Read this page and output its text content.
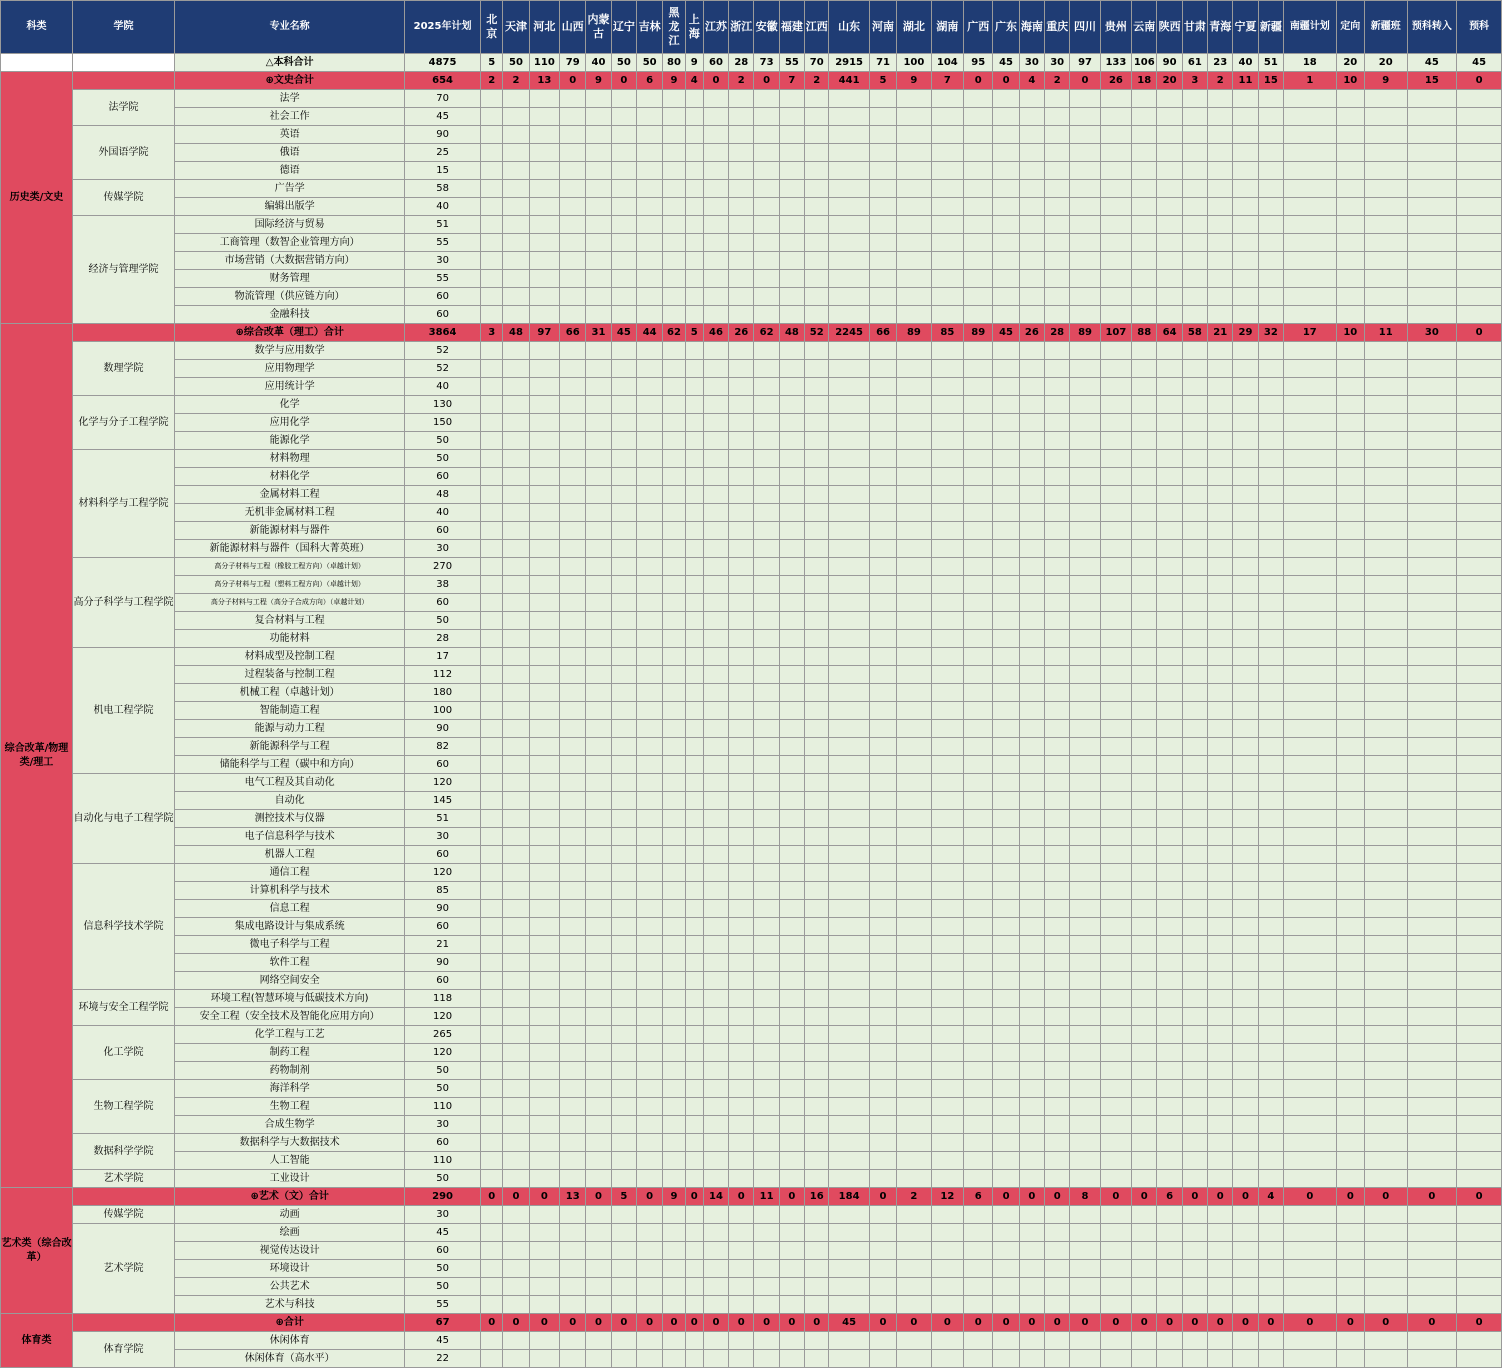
科类	学院	专业名称	2025年计划	北京	天津	河北	山西	内蒙古	辽宁	吉林	黑龙江	上海	江苏	浙江	安徽	福建	江西	山东	河南	湖北	湖南	广西	广东	海南	重庆	四川	贵州	云南	陕西	甘肃	青海	宁夏	新疆	南疆计划	定向	新疆班	预科转入	预科
		△本科合计	4875	5	50	110	79	40	50	50	80	9	60	28	73	55	70	2915	71	100	104	95	45	30	30	97	133	106	90	61	23	40	51	18	20	20	45	45
历史类/文史		⊕文史合计	654	2	2	13	0	9	0	6	9	4	0	2	0	7	2	441	5	9	7	0	0	4	2	0	26	18	20	3	2	11	15	1	10	9	15	0
	法学院	法学	70																																			
		社会工作	45																																			
	外国语学院	英语	90																																			
		俄语	25																																			
		德语	15																																			
	传媒学院	广告学	58																																			
		编辑出版学	40																																			
	经济与管理学院	国际经济与贸易	51																																			
		工商管理（数智企业管理方向）	55																																			
		市场营销（大数据营销方向）	30																																			
		财务管理	55																																			
		物流管理（供应链方向）	60																																			
		金融科技	60																																			
综合改革/物理类/理工		⊕综合改革（理工）合计	3864	3	48	97	66	31	45	44	62	5	46	26	62	48	52	2245	66	89	85	89	45	26	28	89	107	88	64	58	21	29	32	17	10	11	30	0
	数理学院	数学与应用数学	52																																			
		应用物理学	52																																			
		应用统计学	40																																			
	化学与分子工程学院	化学	130																																			
		应用化学	150																																			
		能源化学	50																																			
	材料科学与工程学院	材料物理	50																																			
		材料化学	60																																			
		金属材料工程	48																																			
		无机非金属材料工程	40																																			
		新能源材料与器件	60																																			
		新能源材料与器件（国科大菁英班）	30																																			
	高分子科学与工程学院	高分子材料与工程（橡胶工程方向）（卓越计划）	270																																			
		高分子材料与工程（塑料工程方向）（卓越计划）	38																																			
		高分子材料与工程（高分子合成方向）（卓越计划）	60																																			
		复合材料与工程	50																																			
		功能材料	28																																			
	机电工程学院	材料成型及控制工程	17																																			
		过程装备与控制工程	112																																			
		机械工程（卓越计划）	180																																			
		智能制造工程	100																																			
		能源与动力工程	90																																			
		新能源科学与工程	82																																			
		储能科学与工程（碳中和方向）	60																																			
	自动化与电子工程学院	电气工程及其自动化	120																																			
		自动化	145																																			
		测控技术与仪器	51																																			
		电子信息科学与技术	30																																			
		机器人工程	60																																			
	信息科学技术学院	通信工程	120																																			
		计算机科学与技术	85																																			
		信息工程	90																																			
		集成电路设计与集成系统	60																																			
		微电子科学与工程	21																																			
		软件工程	90																																			
		网络空间安全	60																																			
	环境与安全工程学院	环境工程(智慧环境与低碳技术方向)	118																																			
		安全工程（安全技术及智能化应用方向）	120																																			
	化工学院	化学工程与工艺	265																																			
		制药工程	120																																			
		药物制剂	50																																			
	生物工程学院	海洋科学	50																																			
		生物工程	110																																			
		合成生物学	30																																			
	数据科学学院	数据科学与大数据技术	60																																			
		人工智能	110																																			
	艺术学院	工业设计	50																																			
艺术类（综合改革）		⊕艺术（文）合计	290	0	0	0	13	0	5	0	9	0	14	0	11	0	16	184	0	2	12	6	0	0	0	8	0	0	6	0	0	0	4	0	0	0	0	0
	传媒学院	动画	30																																			
	艺术学院	绘画	45																																			
		视觉传达设计	60																																			
		环境设计	50																																			
		公共艺术	50																																			
		艺术与科技	55																																			
体育类		⊕合计	67	0	0	0	0	0	0	0	0	0	0	0	0	0	0	45	0	0	0	0	0	0	0	0	0	0	0	0	0	0	0	0	0	0	0	0
	体育学院	休闲体育	45																																			
		休闲体育（高水平）	22																																			
